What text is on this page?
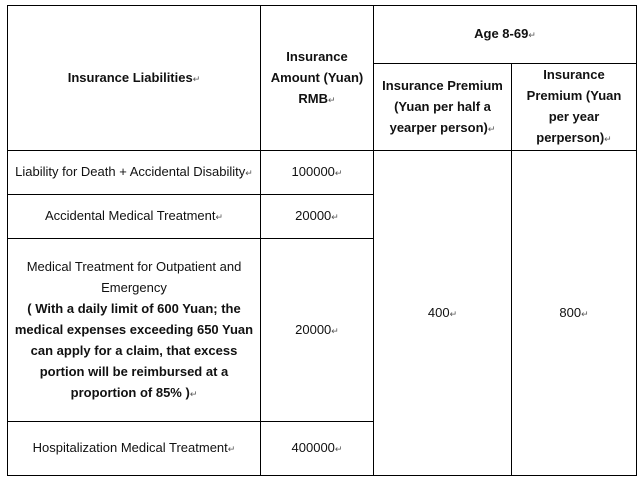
Insurance Liabilities↵	Insurance Amount (Yuan) RMB↵	Age 8-69↵	
		Insurance Premium (Yuan per half a yearper person)↵	Insurance Premium (Yuan per year perperson)↵
Liability for Death + Accidental Disability↵	100000↵	400↵	800↵
Accidental Medical Treatment↵	20000↵		

Medical Treatment for Outpatient and Emergency
( With a daily limit of 600 Yuan; the medical expenses exceeding 650 Yuan can apply for a claim, that excess portion will be reimbursed at a proportion of 85% )↵	20000↵		
Hospitalization Medical Treatment↵	400000↵		
